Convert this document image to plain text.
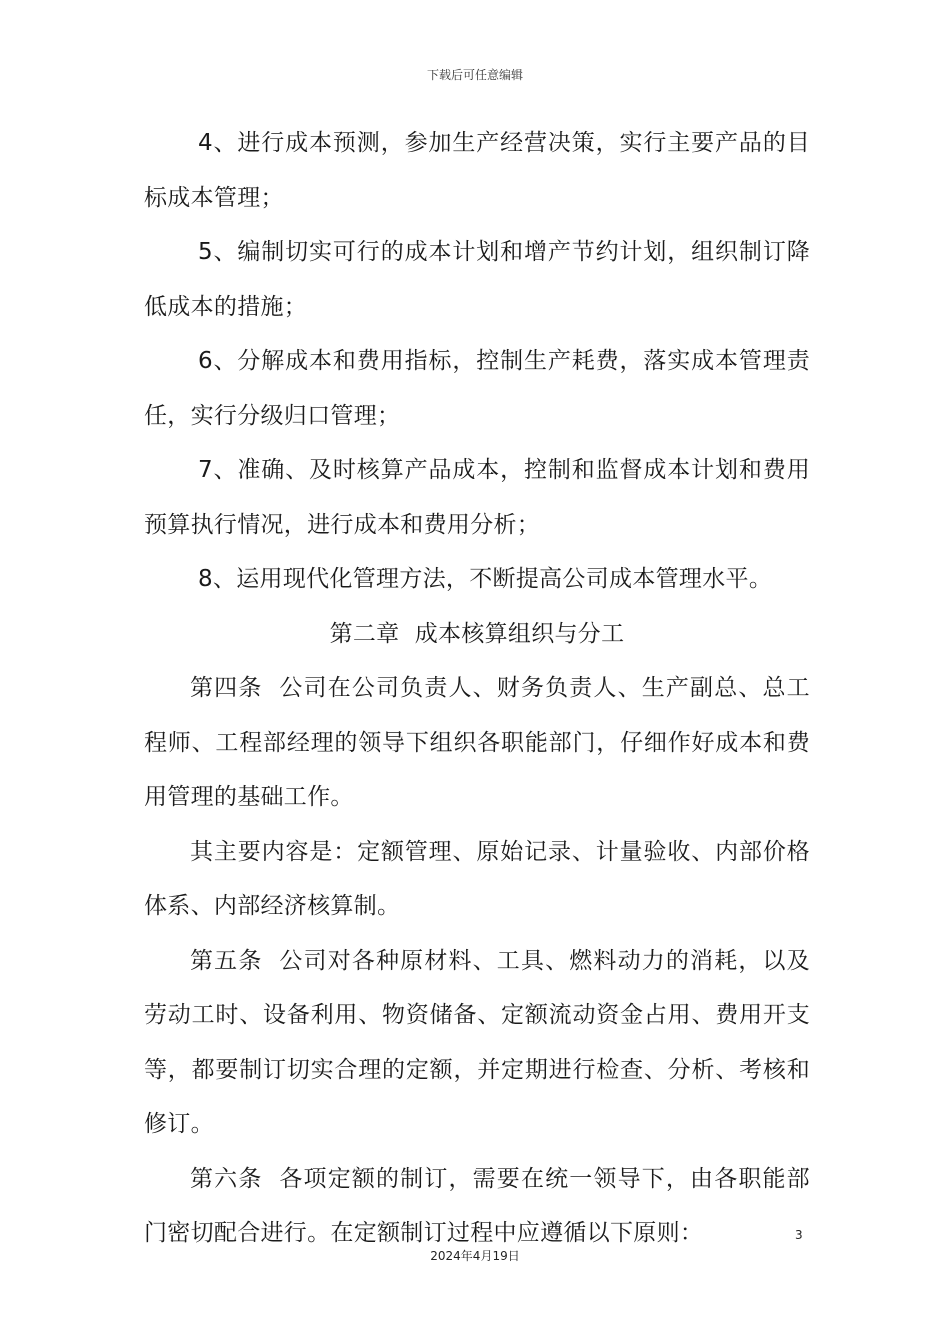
下载后可任意编辑

4、进行成本预测，参加生产经营决策，实行主要产品的目标成本管理；

5、编制切实可行的成本计划和增产节约计划，组织制订降低成本的措施；

6、分解成本和费用指标，控制生产耗费，落实成本管理责任，实行分级归口管理；

7、准确、及时核算产品成本，控制和监督成本计划和费用预算执行情况，进行成本和费用分析；

8、运用现代化管理方法，不断提高公司成本管理水平。

第二章  成本核算组织与分工

第四条  公司在公司负责人、财务负责人、生产副总、总工程师、工程部经理的领导下组织各职能部门，仔细作好成本和费用管理的基础工作。

其主要内容是：定额管理、原始记录、计量验收、内部价格体系、内部经济核算制。

第五条  公司对各种原材料、工具、燃料动力的消耗，以及劳动工时、设备利用、物资储备、定额流动资金占用、费用开支等，都要制订切实合理的定额，并定期进行检查、分析、考核和修订。

第六条  各项定额的制订，需要在统一领导下，由各职能部门密切配合进行。在定额制订过程中应遵循以下原则：	3
2024年4月19日
